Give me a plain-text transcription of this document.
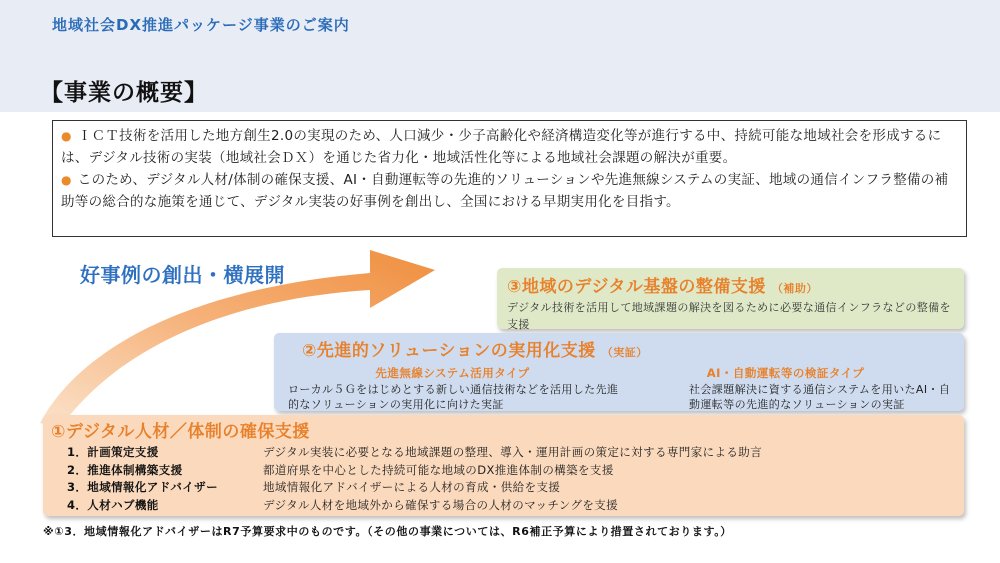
地域社会DX推進パッケージ事業のご案内
【事業の概要】
● ＩＣＴ技術を活用した地方創生2.0の実現のため、人口減少・少子高齢化や経済構造変化等が進行する中、持続可能な地域社会を形成するには、デジタル技術の実装（地域社会ＤＸ）を通じた省力化・地域活性化等による地域社会課題の解決が重要。
● このため、デジタル人材/体制の確保支援、AI・自動運転等の先進的ソリューションや先進無線システムの実証、地域の通信インフラ整備の補助等の総合的な施策を通じて、デジタル実装の好事例を創出し、全国における早期実用化を目指す。
好事例の創出・横展開	③地域のデジタル基盤の整備支援 （補助）
デジタル技術を活用して地域課題の解決を図るために必要な通信インフラなどの整備を支援
②先進的ソリューションの実用化支援 （実証）
先進無線システム活用タイプ
ローカル５Ｇをはじめとする新しい通信技術などを活用した先進的なソリューションの実用化に向けた実証
AI・自動運転等の検証タイプ
社会課題解決に資する通信システムを用いたAI・自動運転等の先進的なソリューションの実証
①デジタル人材／体制の確保支援
1．計画策定支援	デジタル実装に必要となる地域課題の整理、導入・運用計画の策定に対する専門家による助言
2．推進体制構築支援	都道府県を中心とした持続可能な地域のDX推進体制の構築を支援
3．地域情報化アドバイザー	地域情報化アドバイザーによる人材の育成・供給を支援
4．人材ハブ機能	デジタル人材を地域外から確保する場合の人材のマッチングを支援
※①3．地域情報化アドバイザーはR7予算要求中のものです。（その他の事業については、R6補正予算により措置されております。）
